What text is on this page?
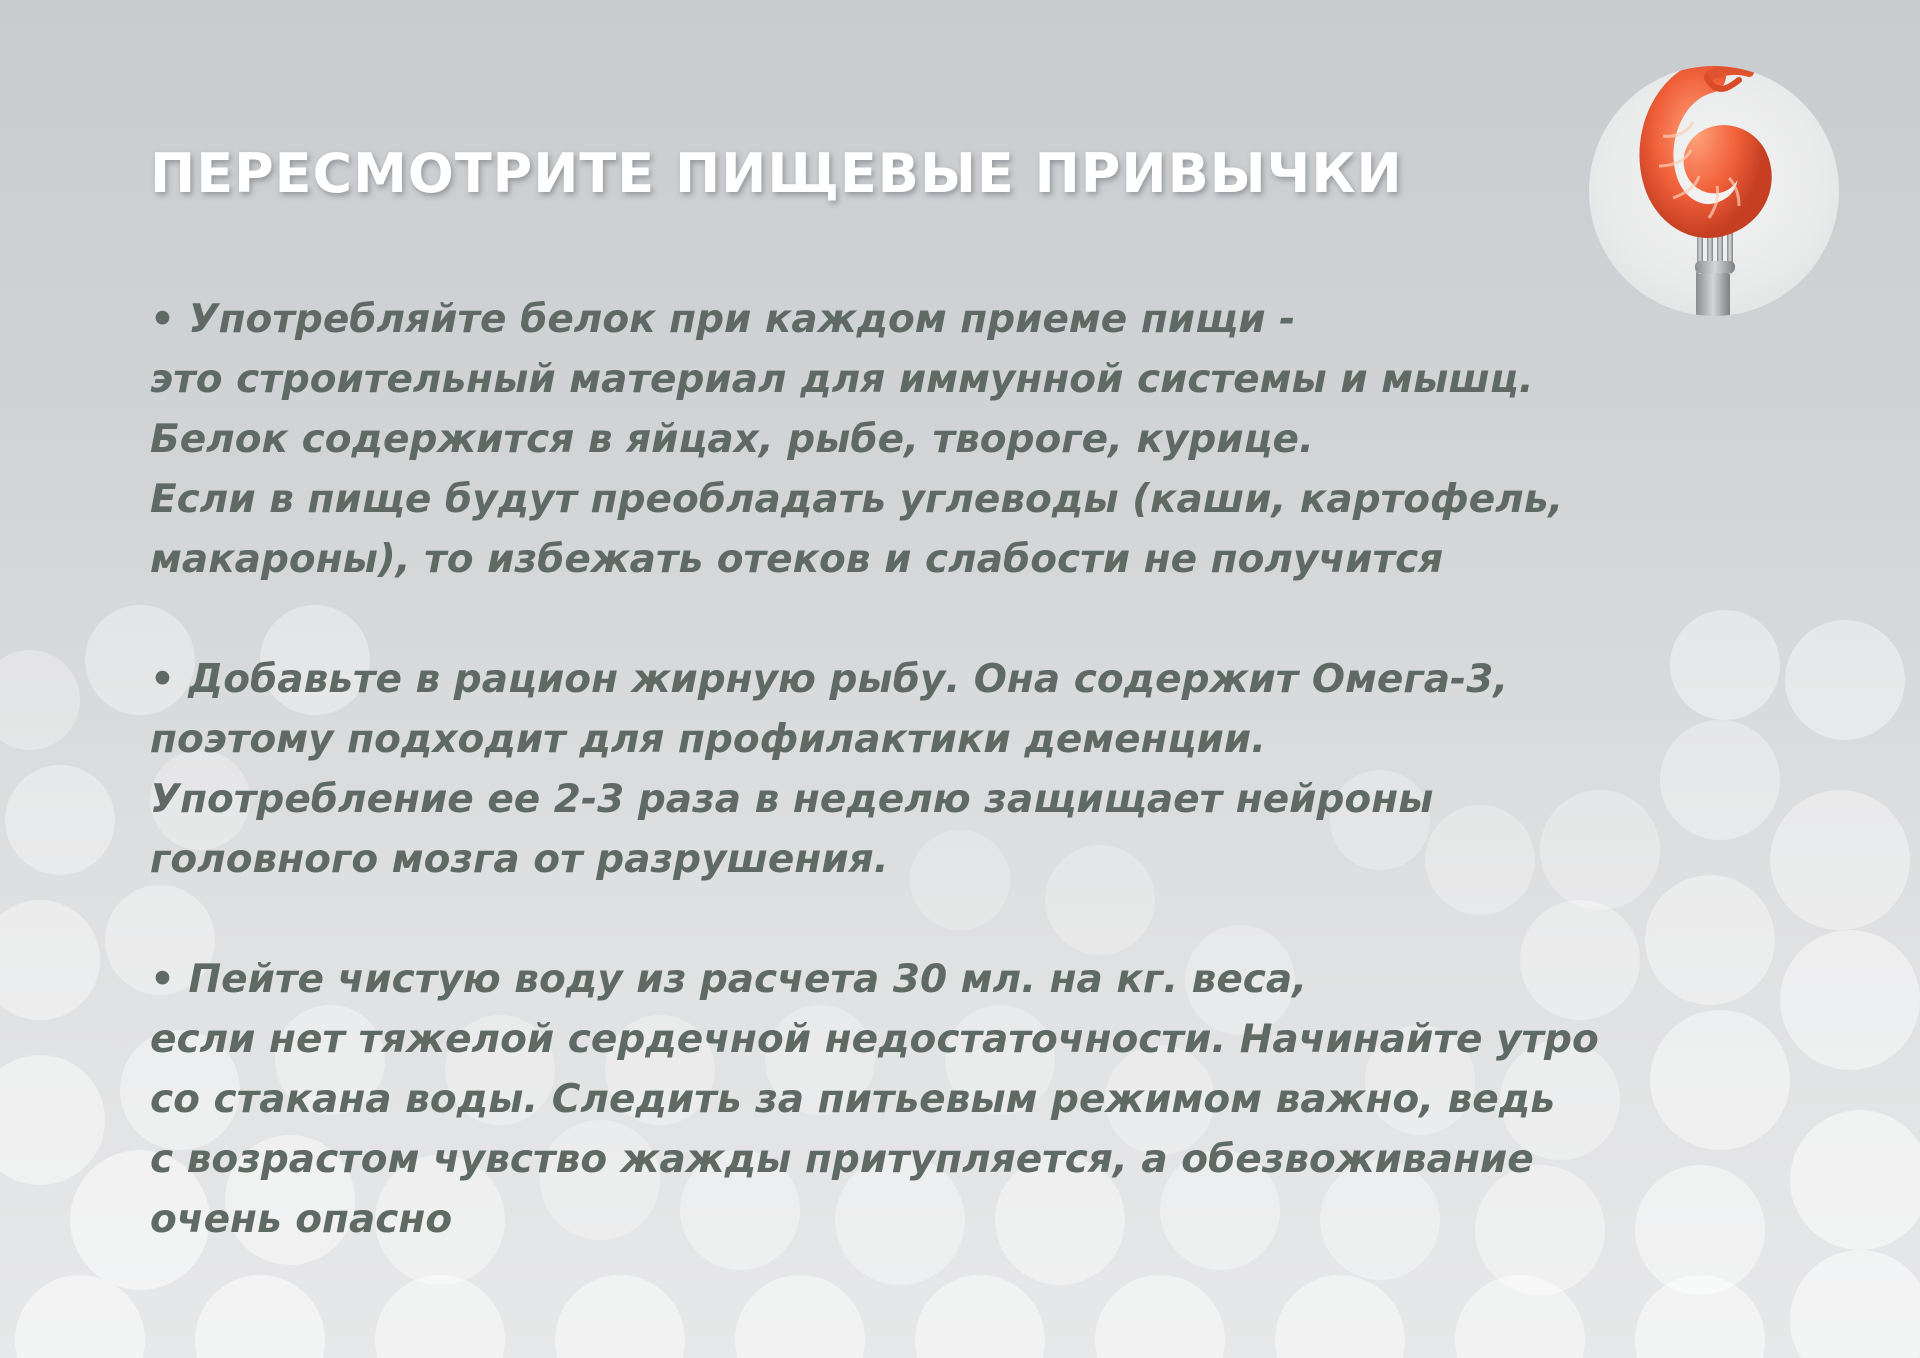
ПЕРЕСМОТРИТЕ ПИЩЕВЫЕ ПРИВЫЧКИ

• Употребляйте белок при каждом приеме пищи -
это строительный материал для иммунной системы и мышц.
Белок содержится в яйцах, рыбе, твороге, курице.
Если в пище будут преобладать углеводы (каши, картофель,
макароны), то избежать отеков и слабости не получится

• Добавьте в рацион жирную рыбу. Она содержит Омега-3,
поэтому подходит для профилактики деменции.
Употребление ее 2-3 раза в неделю защищает нейроны
головного мозга от разрушения.

• Пейте чистую воду из расчета 30 мл. на кг. веса,
если нет тяжелой сердечной недостаточности. Начинайте утро
со стакана воды. Следить за питьевым режимом важно, ведь
с возрастом чувство жажды притупляется, а обезвоживание
очень опасно
